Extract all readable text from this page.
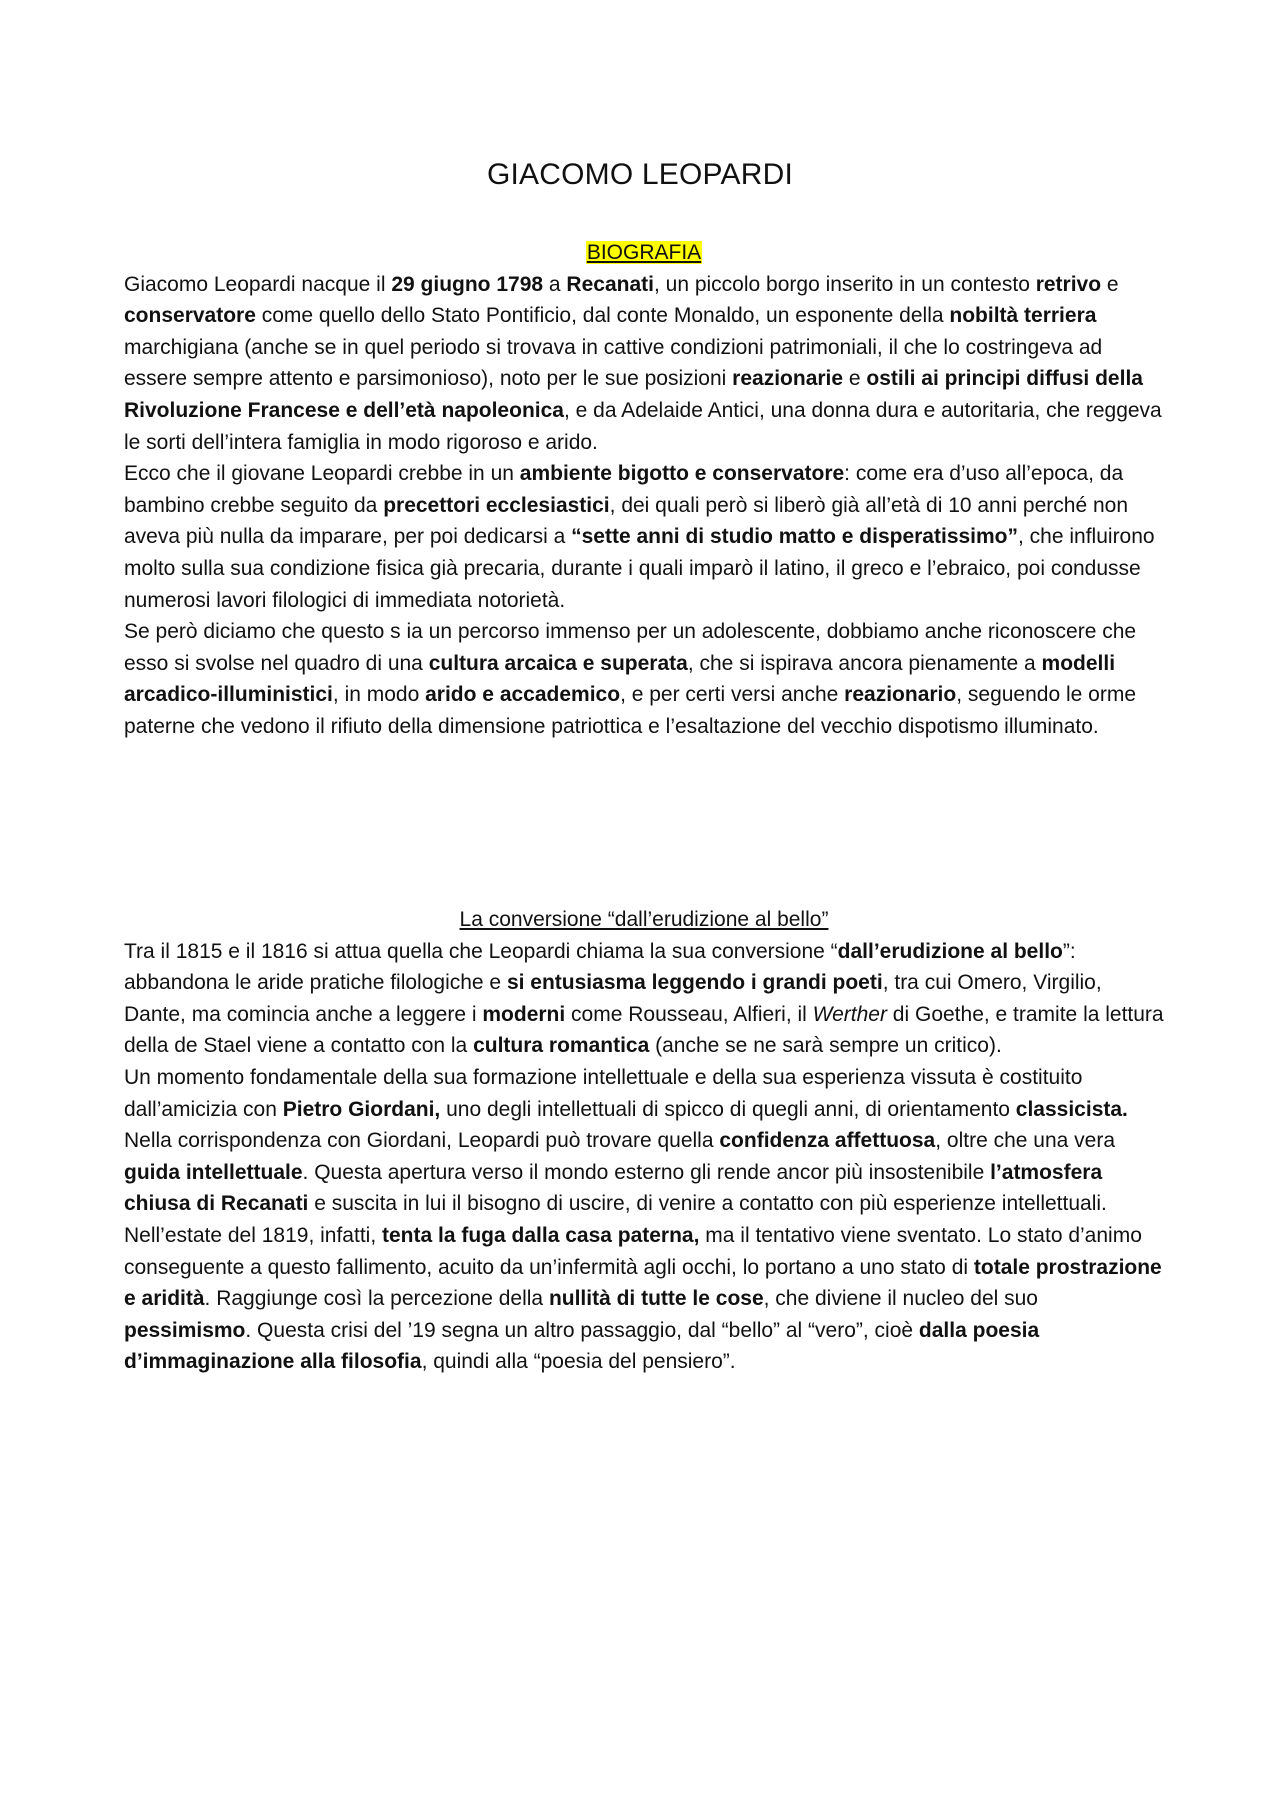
GIACOMO LEOPARDI

BIOGRAFIA

Giacomo Leopardi nacque il 29 giugno 1798 a Recanati, un piccolo borgo inserito in un contesto retrivo e conservatore come quello dello Stato Pontificio, dal conte Monaldo, un esponente della nobiltà terriera marchigiana (anche se in quel periodo si trovava in cattive condizioni patrimoniali, il che lo costringeva ad essere sempre attento e parsimonioso), noto per le sue posizioni reazionarie e ostili ai principi diffusi della Rivoluzione Francese e dell’età napoleonica, e da Adelaide Antici, una donna dura e autoritaria, che reggeva le sorti dell’intera famiglia in modo rigoroso e arido.

Ecco che il giovane Leopardi crebbe in un ambiente bigotto e conservatore: come era d’uso all’epoca, da bambino crebbe seguito da precettori ecclesiastici, dei quali però si liberò già all’età di 10 anni perché non aveva più nulla da imparare, per poi dedicarsi a “sette anni di studio matto e disperatissimo”, che influirono molto sulla sua condizione fisica già precaria, durante i quali imparò il latino, il greco e l’ebraico, poi condusse numerosi lavori filologici di immediata notorietà.

Se però diciamo che questo s ia un percorso immenso per un adolescente, dobbiamo anche riconoscere che esso si svolse nel quadro di una cultura arcaica e superata, che si ispirava ancora pienamente a modelli arcadico-illuministici, in modo arido e accademico, e per certi versi anche reazionario, seguendo le orme paterne che vedono il rifiuto della dimensione patriottica e l’esaltazione del vecchio dispotismo illuminato.

La conversione “dall’erudizione al bello”

Tra il 1815 e il 1816 si attua quella che Leopardi chiama la sua conversione “dall’erudizione al bello”: abbandona le aride pratiche filologiche e si entusiasma leggendo i grandi poeti, tra cui Omero, Virgilio, Dante, ma comincia anche a leggere i moderni come Rousseau, Alfieri, il Werther di Goethe, e tramite la lettura della de Stael viene a contatto con la cultura romantica (anche se ne sarà sempre un critico).

Un momento fondamentale della sua formazione intellettuale e della sua esperienza vissuta è costituito dall’amicizia con Pietro Giordani, uno degli intellettuali di spicco di quegli anni, di orientamento classicista.

Nella corrispondenza con Giordani, Leopardi può trovare quella confidenza affettuosa, oltre che una vera guida intellettuale. Questa apertura verso il mondo esterno gli rende ancor più insostenibile l’atmosfera chiusa di Recanati e suscita in lui il bisogno di uscire, di venire a contatto con più esperienze intellettuali. Nell’estate del 1819, infatti, tenta la fuga dalla casa paterna, ma il tentativo viene sventato. Lo stato d’animo conseguente a questo fallimento, acuito da un’infermità agli occhi, lo portano a uno stato di totale prostrazione e aridità. Raggiunge così la percezione della nullità di tutte le cose, che diviene il nucleo del suo pessimismo. Questa crisi del ’19 segna un altro passaggio, dal “bello” al “vero”, cioè dalla poesia d’immaginazione alla filosofia, quindi alla “poesia del pensiero”.
